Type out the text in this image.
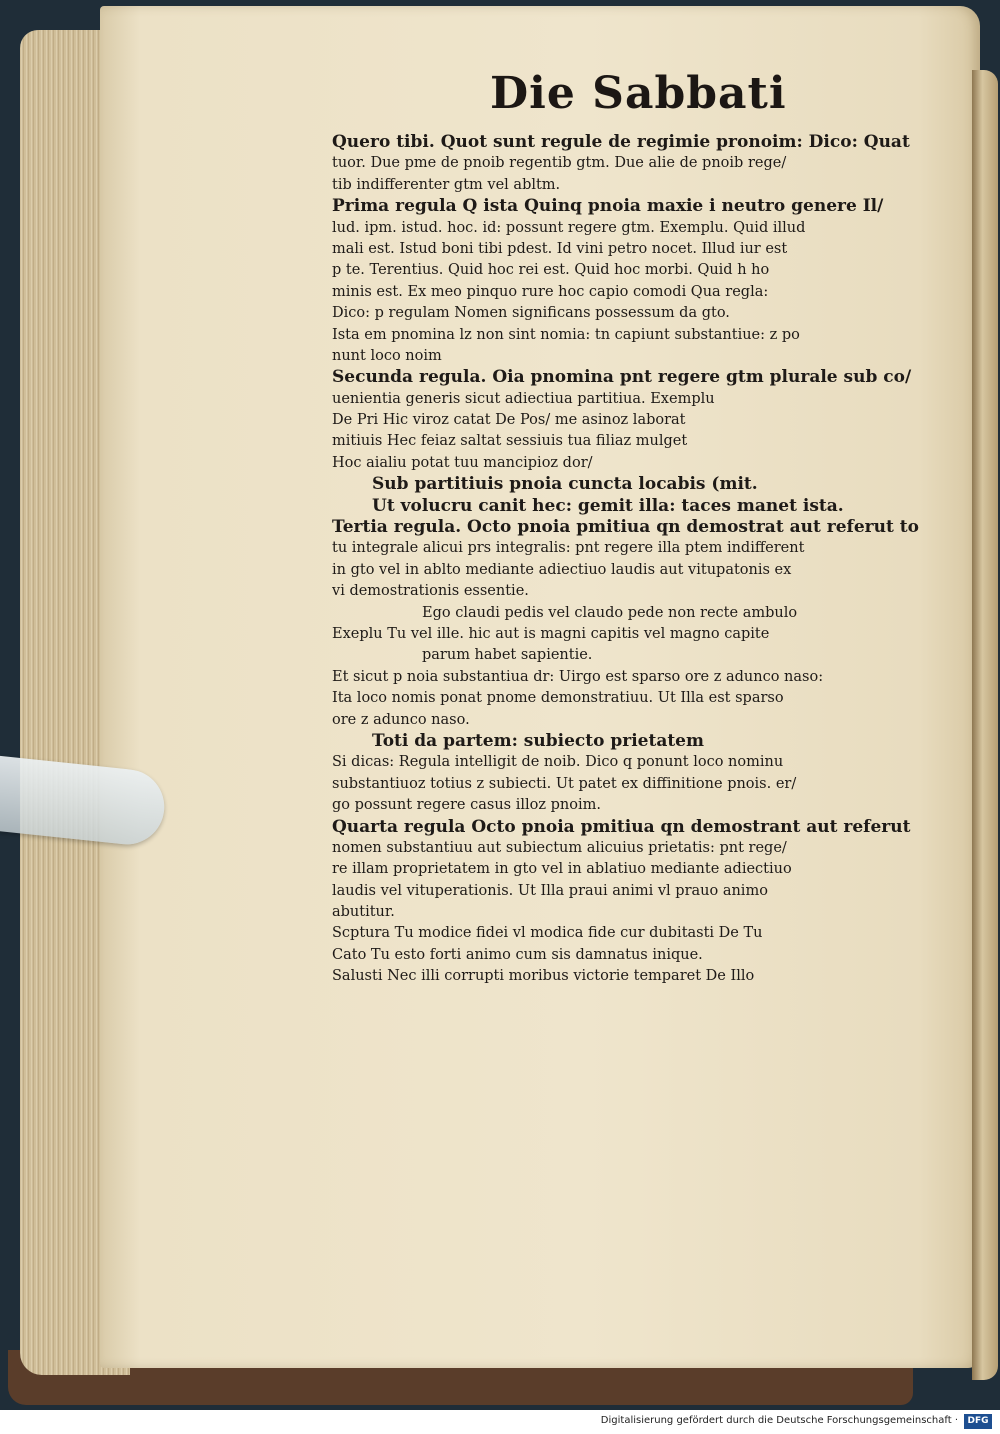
Die Sabbati
Quero tibi. Quot sunt regule de regimie pronoim: Dico: Quat
tuor. Due pme de pnoib regentib gtm. Due alie de pnoib rege/
tib indifferenter gtm vel abltm.
Prima regula Q ista Quinq pnoia maxie i neutro genere Il/
lud. ipm. istud. hoc. id: possunt regere gtm. Exemplu. Quid illud
mali est. Istud boni tibi pdest. Id vini petro nocet. Illud iur est
p te. Terentius. Quid hoc rei est. Quid hoc morbi. Quid h ho
minis est. Ex meo pinquo rure hoc capio comodi Qua regla:
Dico: p regulam Nomen significans possessum da gto.
Ista em pnomina lz non sint nomia: tn capiunt substantiue: z po
nunt loco noim
Secunda regula. Oia pnomina pnt regere gtm plurale sub co/
uenientia generis sicut adiectiua partitiua. Exemplu
De Pri Hic viroz catat De Pos/ me asinoz laborat
mitiuis Hec feiaz saltat sessiuis tua filiaz mulget
Hoc aialiu potat tuu mancipioz dor/
Sub partitiuis pnoia cuncta locabis (mit.
Ut volucru canit hec: gemit illa: taces manet ista.
Tertia regula. Octo pnoia pmitiua qn demostrat aut referut to
tu integrale alicui prs integralis: pnt regere illa ptem indifferent
in gto vel in ablto mediante adiectiuo laudis aut vitupatonis ex
vi demostrationis essentie.
Ego claudi pedis vel claudo pede non recte ambulo
Exeplu Tu vel ille. hic aut is magni capitis vel magno capite
parum habet sapientie.
Et sicut p noia substantiua dr: Uirgo est sparso ore z adunco naso:
Ita loco nomis ponat pnome demonstratiuu. Ut Illa est sparso
ore z adunco naso.
Toti da partem: subiecto prietatem
Si dicas: Regula intelligit de noib. Dico q ponunt loco nominu
substantiuoz totius z subiecti. Ut patet ex diffinitione pnois. er/
go possunt regere casus illoz pnoim.
Quarta regula Octo pnoia pmitiua qn demostrant aut referut
nomen substantiuu aut subiectum alicuius prietatis: pnt rege/
re illam proprietatem in gto vel in ablatiuo mediante adiectiuo
laudis vel vituperationis. Ut Illa praui animi vl prauo animo
abutitur.
Scptura Tu modice fidei vl modica fide cur dubitasti De Tu
Cato Tu esto forti animo cum sis damnatus inique.
Salusti Nec illi corrupti moribus victorie temparet De Illo
Digitalisierung gefördert durch die Deutsche Forschungsgemeinschaft ·	DFG
